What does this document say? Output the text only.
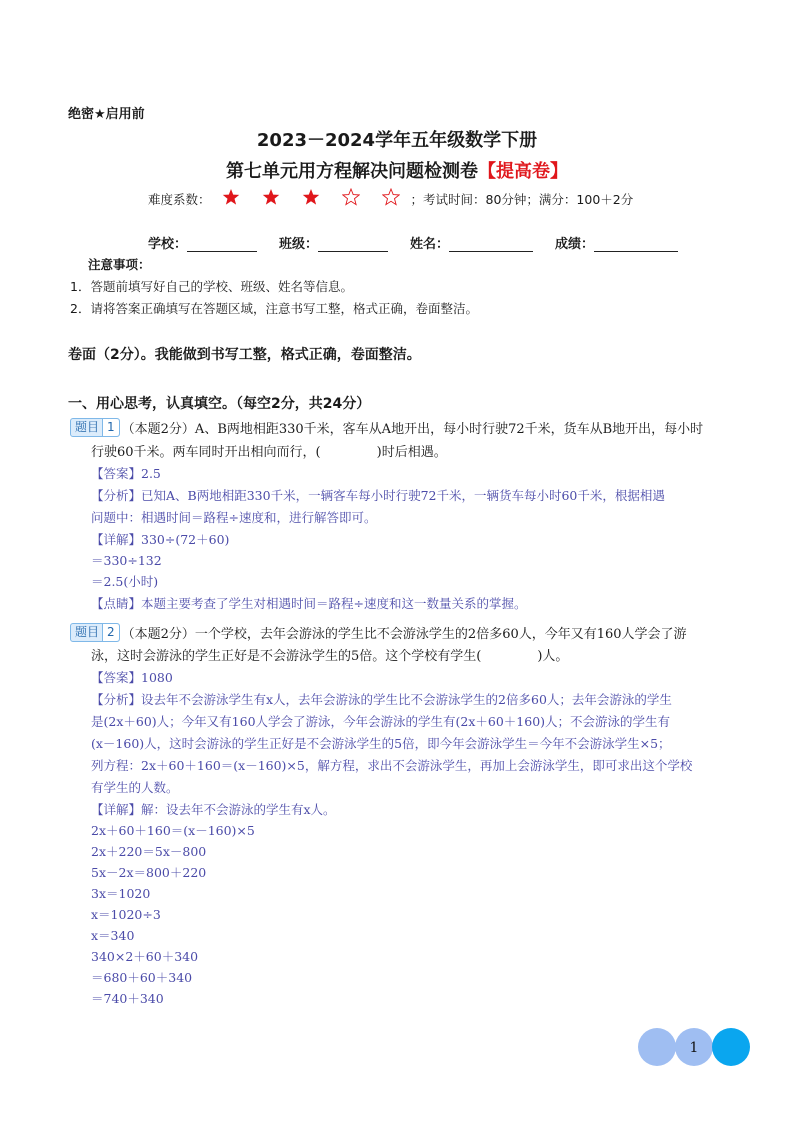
绝密★启用前
2023－2024学年五年级数学下册
第七单元用方程解决问题检测卷【提高卷】
难度系数：	；考试时间：80分钟；满分：100＋2分
学校：	班级：	姓名：	成绩：
注意事项：
1．答题前填写好自己的学校、班级、姓名等信息。
2．请将答案正确填写在答题区域，注意书写工整，格式正确，卷面整洁。
卷面（2分）。我能做到书写工整，格式正确，卷面整洁。
一、用心思考，认真填空。（每空2分，共24分）
题目 1 （本题2分）A、B两地相距330千米，客车从A地开出，每小时行驶72千米，货车从B地开出，每小时
行驶60千米。两车同时开出相向而行，(	)时后相遇。
【答案】2.5
【分析】已知A、B两地相距330千米，一辆客车每小时行驶72千米，一辆货车每小时60千米，根据相遇
问题中：相遇时间＝路程÷速度和，进行解答即可。
【详解】330÷(72＋60)
＝330÷132
＝2.5(小时)
【点睛】本题主要考查了学生对相遇时间＝路程÷速度和这一数量关系的掌握。
题目 2 （本题2分）一个学校，去年会游泳的学生比不会游泳学生的2倍多60人，今年又有160人学会了游
泳，这时会游泳的学生正好是不会游泳学生的5倍。这个学校有学生(	)人。
【答案】1080
【分析】设去年不会游泳学生有x人，去年会游泳的学生比不会游泳学生的2倍多60人；去年会游泳的学生
是(2x＋60)人；今年又有160人学会了游泳，今年会游泳的学生有(2x＋60＋160)人；不会游泳的学生有
(x－160)人，这时会游泳的学生正好是不会游泳学生的5倍，即今年会游泳学生＝今年不会游泳学生×5；
列方程：2x＋60＋160＝(x－160)×5，解方程，求出不会游泳学生，再加上会游泳学生，即可求出这个学校
有学生的人数。
【详解】解：设去年不会游泳的学生有x人。
2x＋60＋160＝(x－160)×5
2x＋220＝5x－800
5x－2x＝800＋220
3x＝1020
x＝1020÷3
x＝340
340×2＋60＋340
＝680＋60＋340
＝740＋340
1
